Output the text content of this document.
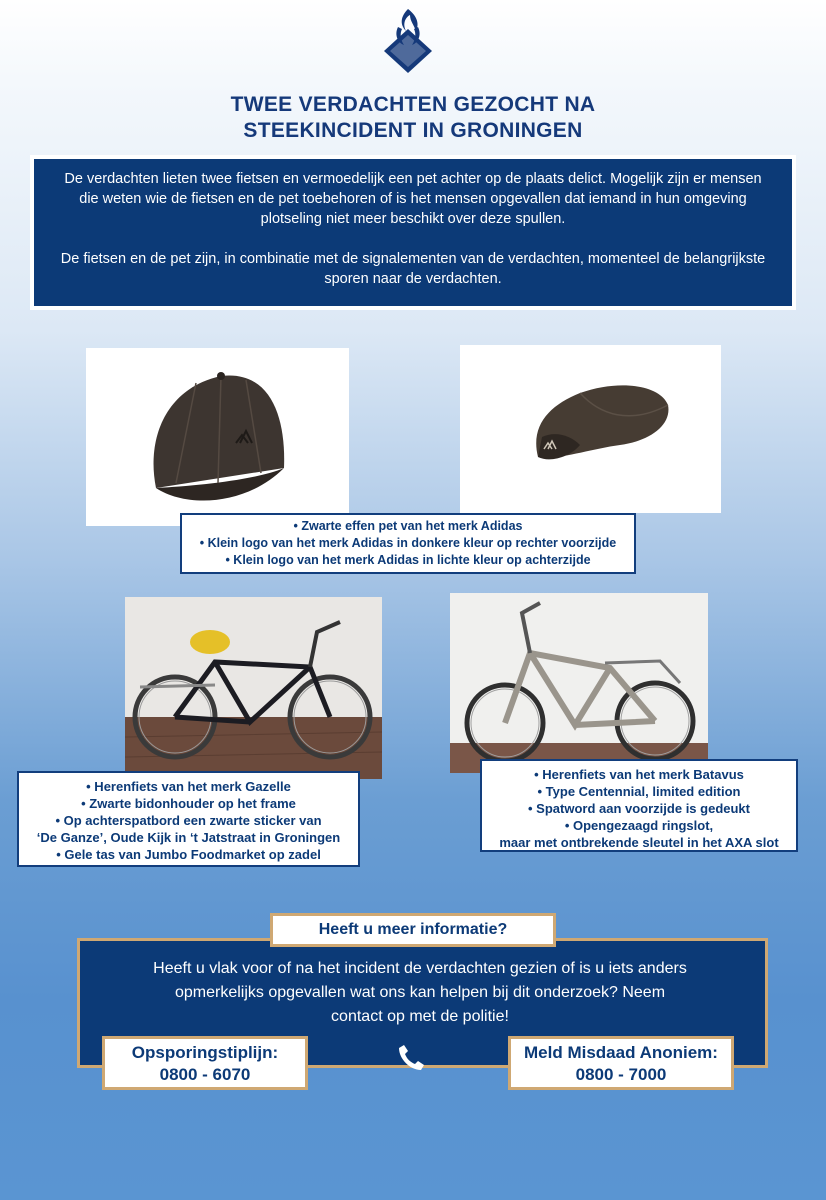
TWEE VERDACHTEN GEZOCHT NA
STEEKINCIDENT IN GRONINGEN

De verdachten lieten twee fietsen en vermoedelijk een pet achter op de plaats delict. Mogelijk zijn er mensen die weten wie de fietsen en de pet toebehoren of is het mensen opgevallen dat iemand in hun omgeving plotseling niet meer beschikt over deze spullen.

De fietsen en de pet zijn, in combinatie met de signalementen van de verdachten, momenteel de belangrijkste sporen naar de verdachten.

• Zwarte effen pet van het merk Adidas
• Klein logo van het merk Adidas in donkere kleur op rechter voorzijde
• Klein logo van het merk Adidas in lichte kleur op achterzijde
• Herenfiets van het merk Gazelle
• Zwarte bidonhouder op het frame
• Op achterspatbord een zwarte sticker van
‘De Ganze’, Oude Kijk in ‘t Jatstraat in Groningen
• Gele tas van Jumbo Foodmarket op zadel
• Herenfiets van het merk Batavus
• Type Centennial, limited edition
• Spatword aan voorzijde is gedeukt
• Opengezaagd ringslot,
maar met ontbrekende sleutel in het AXA slot
Heeft u meer informatie?
Heeft u vlak voor of na het incident de verdachten gezien of is u iets anders opmerkelijks opgevallen wat ons kan helpen bij dit onderzoek? Neem contact op met de politie!
Opsporingstiplijn:
0800 - 6070
Meld Misdaad Anoniem:
0800 - 7000
